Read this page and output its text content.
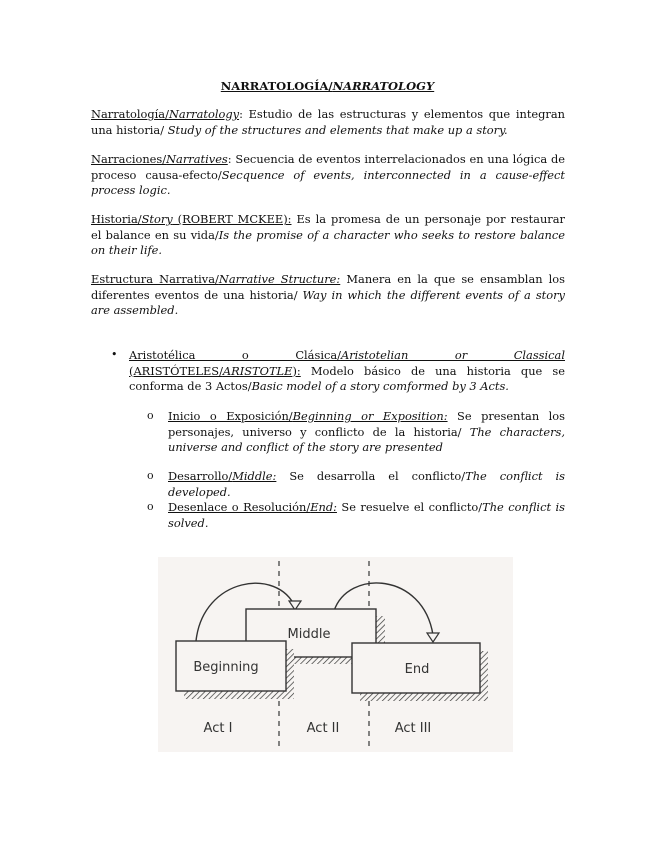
NARRATOLOGÍA/NARRATOLOGY

Narratología/Narratology: Estudio de las estructuras y elementos que integran una historia/ Study of the structures and elements that make up a story.

Narraciones/Narratives: Secuencia de eventos interrelacionados en una lógica de proceso causa-efecto/Secquence of events, interconnected in a cause-effect process logic.

Historia/Story (ROBERT MCKEE): Es la promesa de un personaje por restaurar el balance en su vida/Is the promise of a character who seeks to restore balance on their life.

Estructura Narrativa/Narrative Structure: Manera en la que se ensamblan los diferentes eventos de una historia/ Way in which the different events of a story are assembled.

• Aristotélica o Clásica/Aristotelian or Classical (ARISTÓTELES/ARISTOTLE): Modelo básico de una historia que se conforma de 3 Actos/Basic model of a story comformed by 3 Acts.

o Inicio o Exposición/Beginning or Exposition: Se presentan los personajes, universo y conflicto de la historia/ The characters, universe and conflict of the story are presented

o Desarrollo/Middle: Se desarrolla el conflicto/The conflict is developed.

o Desenlace o Resolución/End: Se resuelve el conflicto/The conflict is solved.

Beginning
Middle
End
Act I	Act II	Act III
